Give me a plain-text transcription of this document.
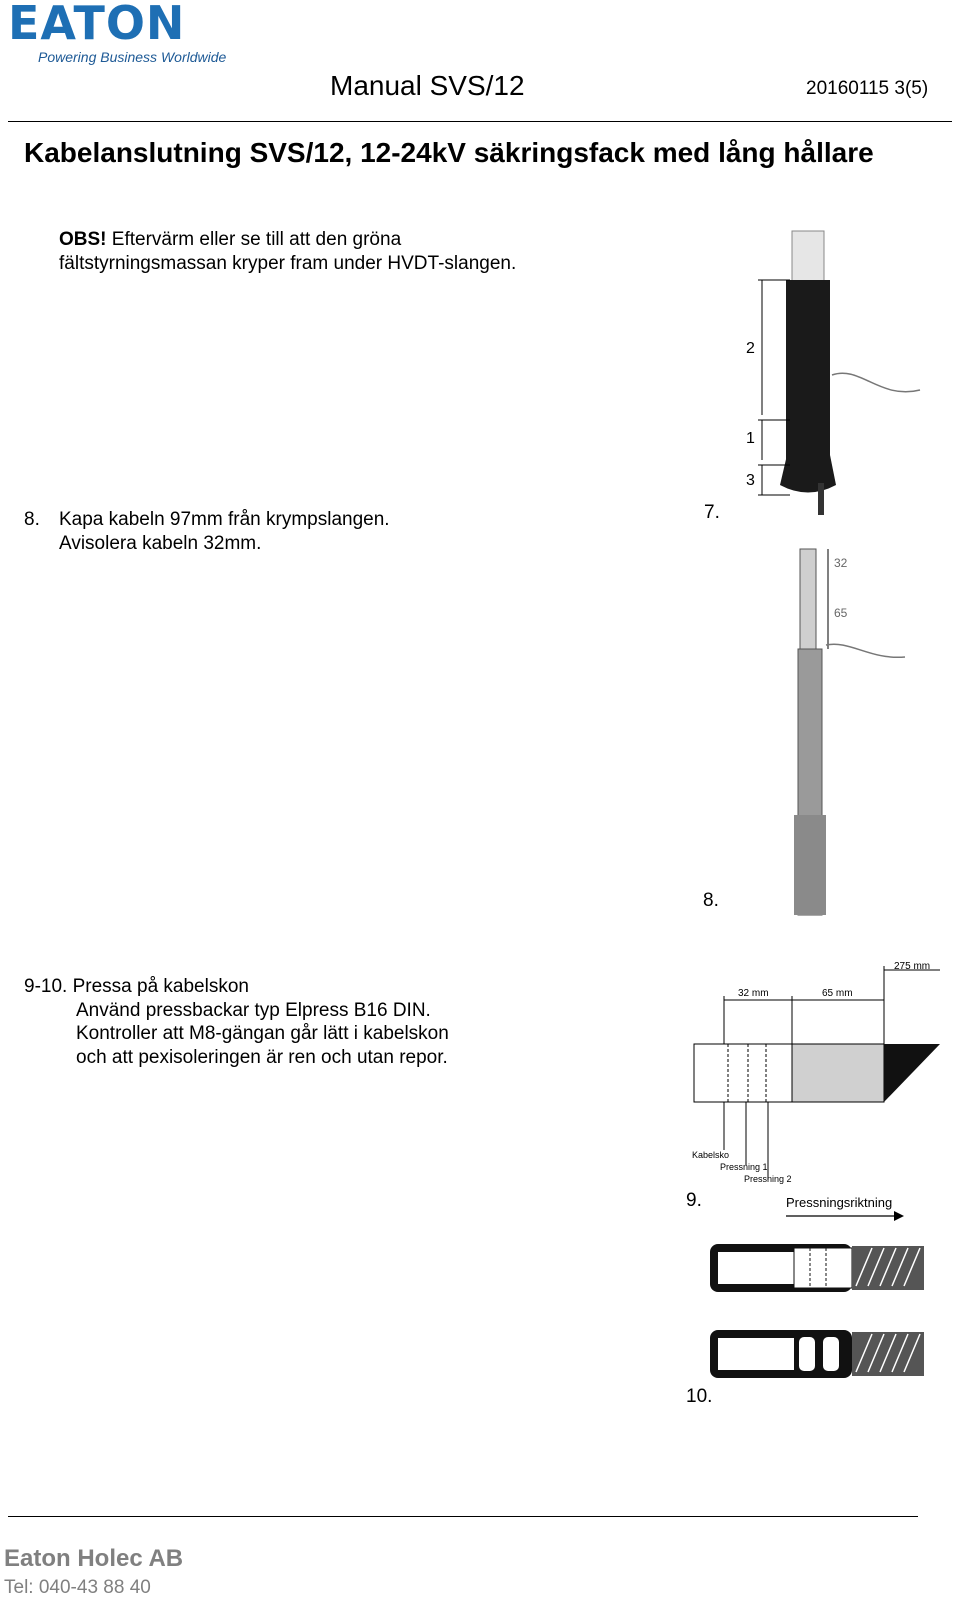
EATON
Powering Business Worldwide
Manual SVS/12	20160115 3(5)
Kabelanslutning SVS/12, 12-24kV säkringsfack med lång hållare
OBS! Eftervärm eller se till att den gröna
fältstyrningsmassan kryper fram under HVDT-slangen.
8. Kapa kabeln 97mm från krympslangen.
Avisolera kabeln 32mm.
9-10. Pressa på kabelskon
Använd pressbackar typ Elpress B16 DIN.
Kontroller att M8-gängan går lätt i kabelskon
och att pexisoleringen är ren och utan repor.
2
1
3
7.
32
65
8.
32 mm	65 mm
275 mm
Kabelsko
Pressning 1
Pressning 2
9.	Pressningsriktning
10.
Eaton Holec AB
Tel: 040-43 88 40
